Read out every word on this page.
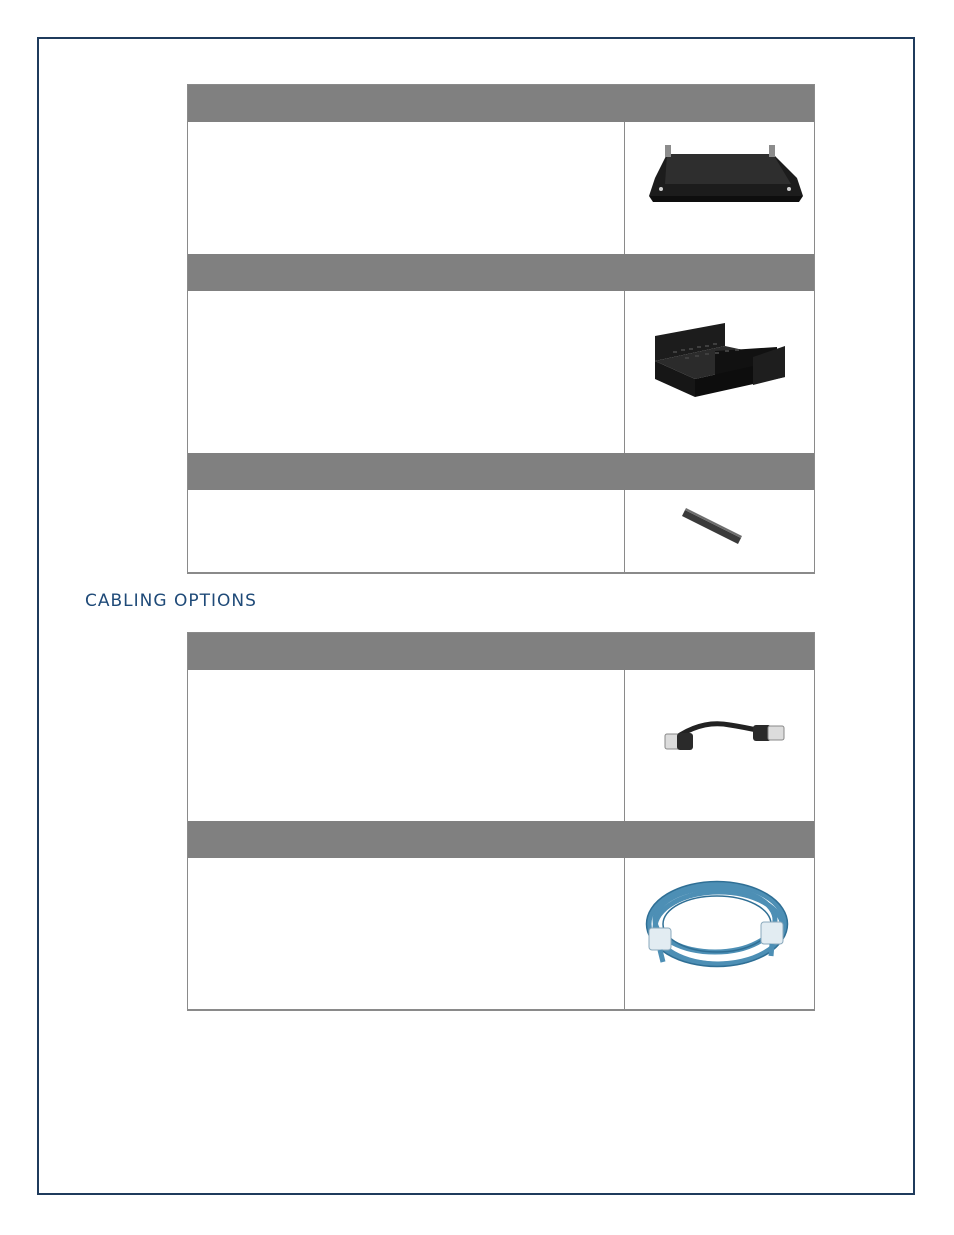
CABLING OPTIONS
